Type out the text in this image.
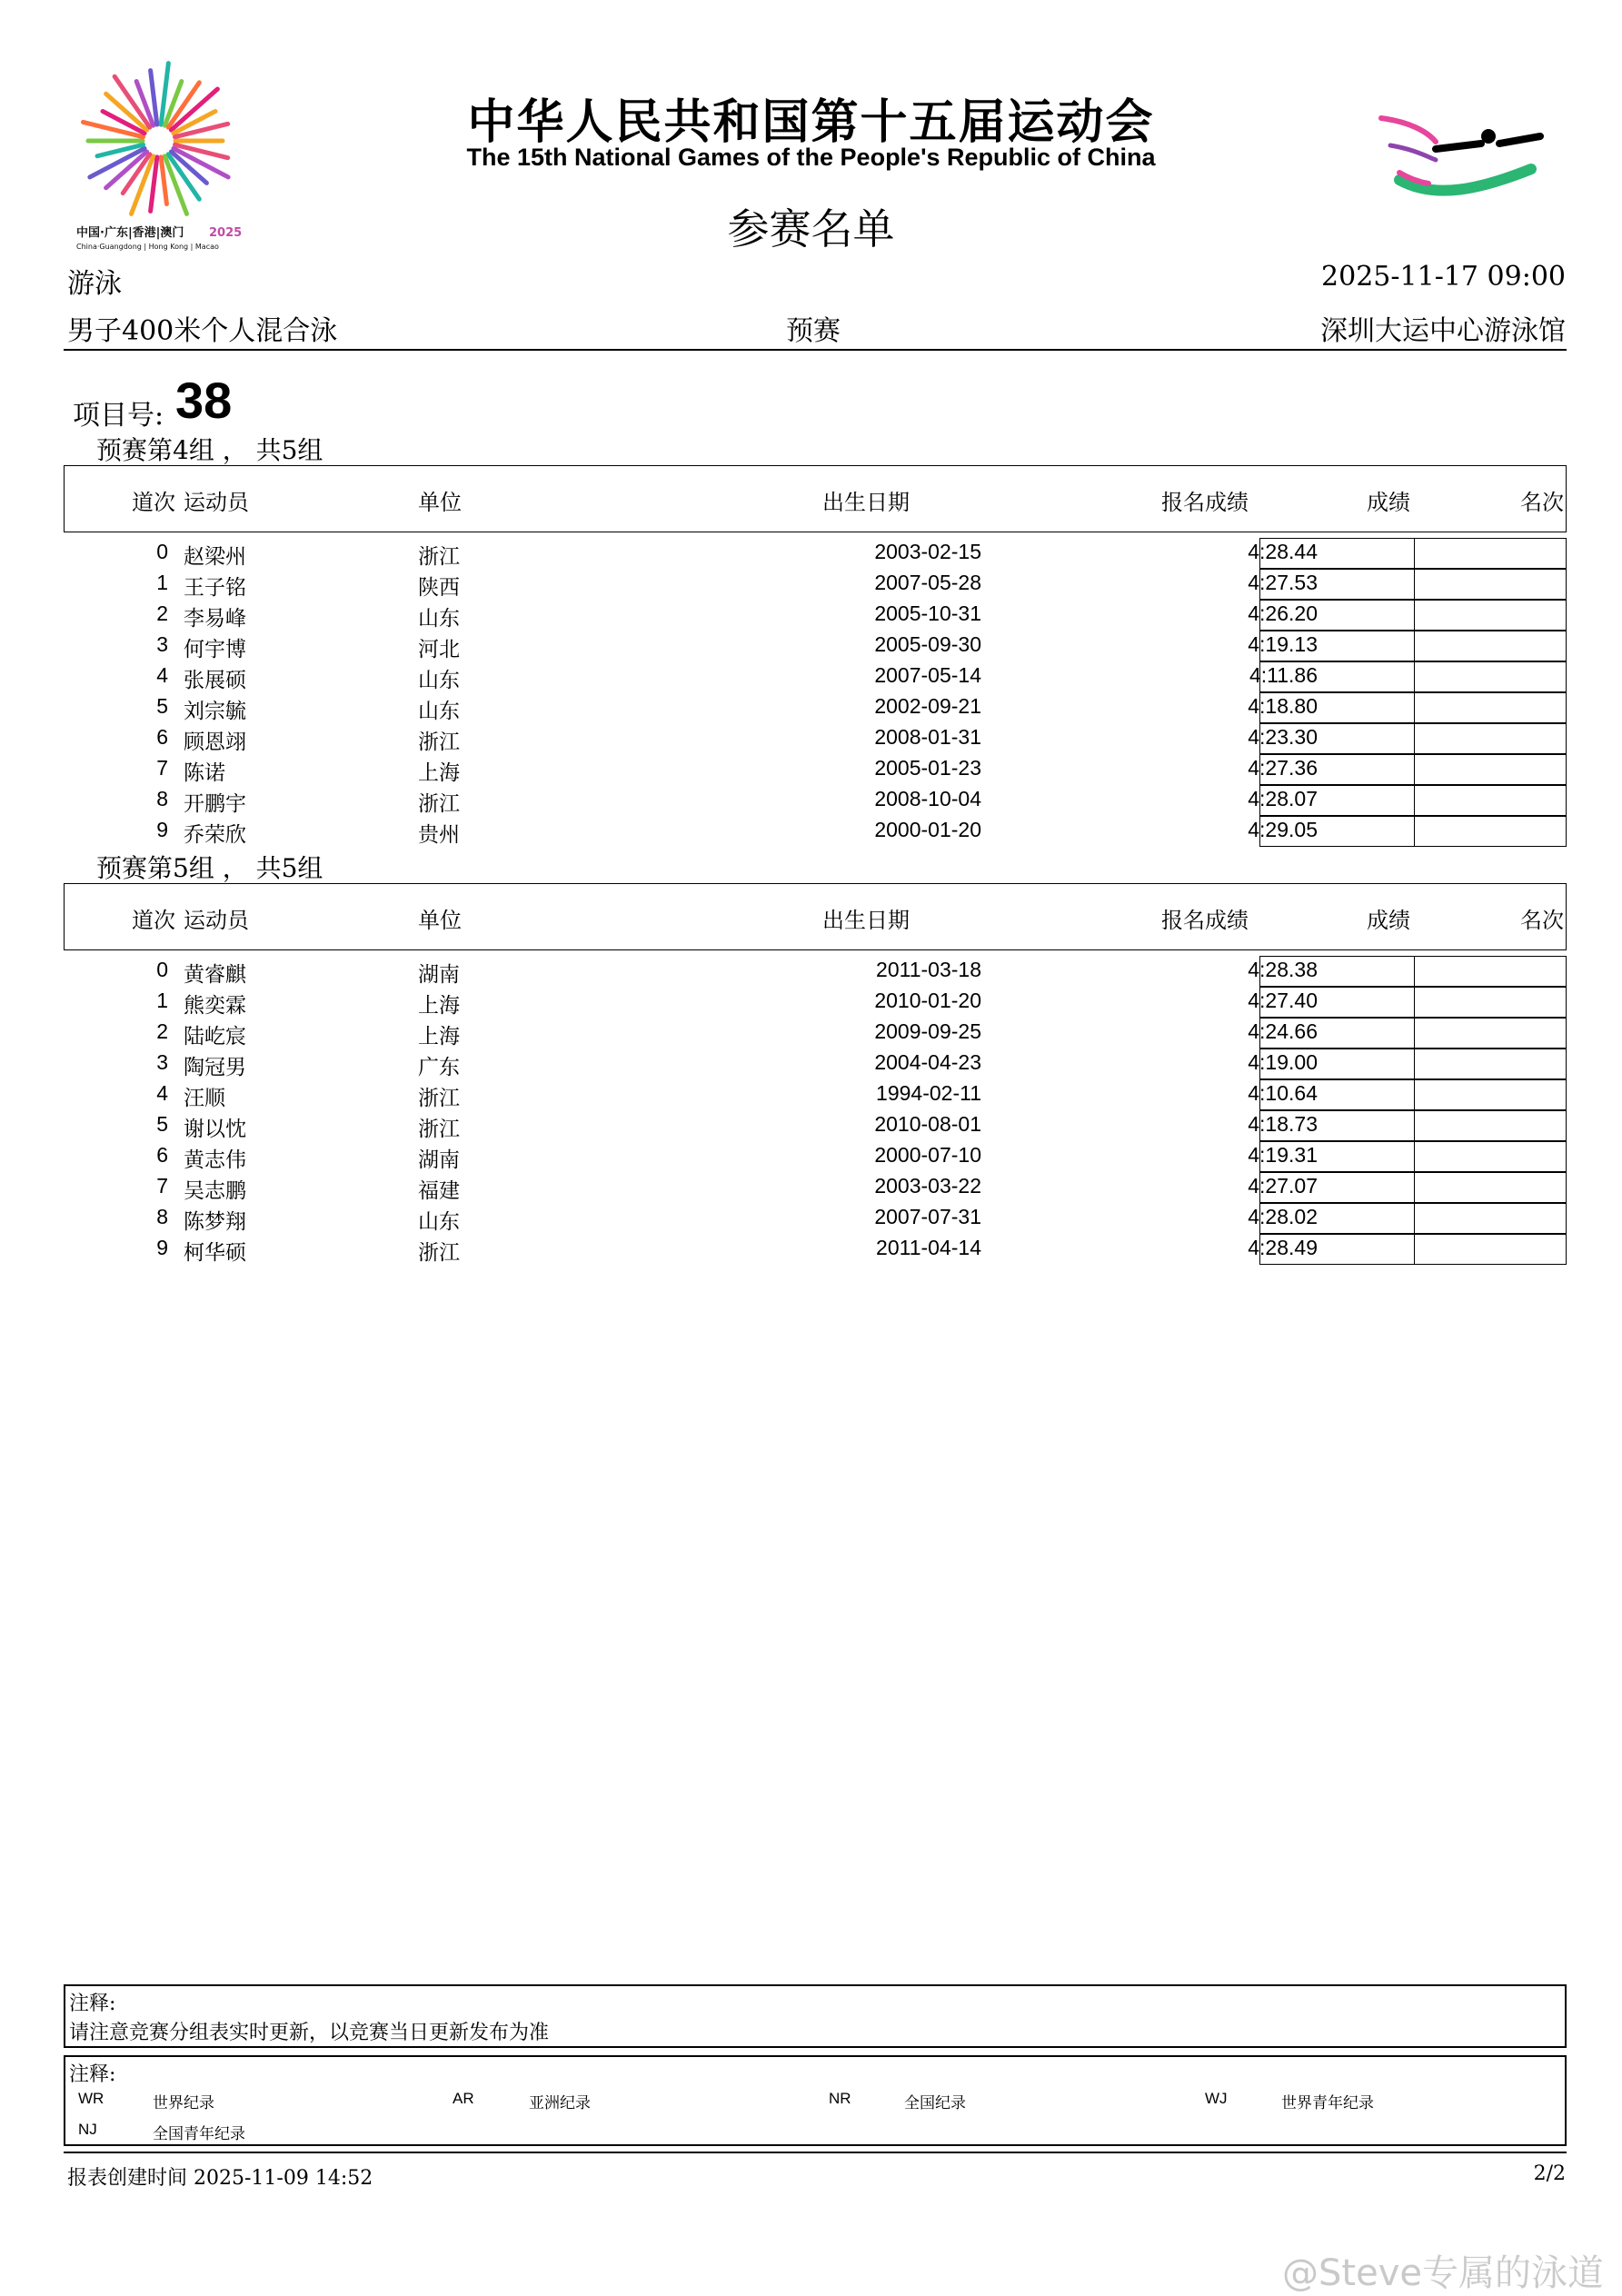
中国·广东|香港|澳门 2025
China·Guangdong | Hong Kong | Macao
中华人民共和国第十五届运动会
The 15th National Games of the People's Republic of China
参赛名单
游泳	2025-11-17 09:00
男子400米个人混合泳	预赛	深圳大运中心游泳馆
项目号: 38
预赛第4组 ， 共5组
道次 运动员	单位	出生日期	报名成绩	成绩	名次
0 赵梁州	浙江	2003-02-15	4:28.44
1 王子铭	陕西	2007-05-28	4:27.53
2 李易峰	山东	2005-10-31	4:26.20
3 何宇博	河北	2005-09-30	4:19.13
4 张展硕	山东	2007-05-14	4:11.86
5 刘宗毓	山东	2002-09-21	4:18.80
6 顾恩翊	浙江	2008-01-31	4:23.30
7 陈诺	上海	2005-01-23	4:27.36
8 开鹏宇	浙江	2008-10-04	4:28.07
9 乔荣欣	贵州	2000-01-20	4:29.05
预赛第5组 ， 共5组
道次 运动员	单位	出生日期	报名成绩	成绩	名次
0 黄睿麒	湖南	2011-03-18	4:28.38
1 熊奕霖	上海	2010-01-20	4:27.40
2 陆屹宸	上海	2009-09-25	4:24.66
3 陶冠男	广东	2004-04-23	4:19.00
4 汪顺	浙江	1994-02-11	4:10.64
5 谢以忱	浙江	2010-08-01	4:18.73
6 黄志伟	湖南	2000-07-10	4:19.31
7 吴志鹏	福建	2003-03-22	4:27.07
8 陈梦翔	山东	2007-07-31	4:28.02
9 柯华硕	浙江	2011-04-14	4:28.49
注释:
请注意竞赛分组表实时更新，以竞赛当日更新发布为准
注释:
WR	世界纪录	AR	亚洲纪录	NR	全国纪录	WJ	世界青年纪录
NJ	全国青年纪录
报表创建时间 2025-11-09 14:52	2/2
@Steve专属的泳道
